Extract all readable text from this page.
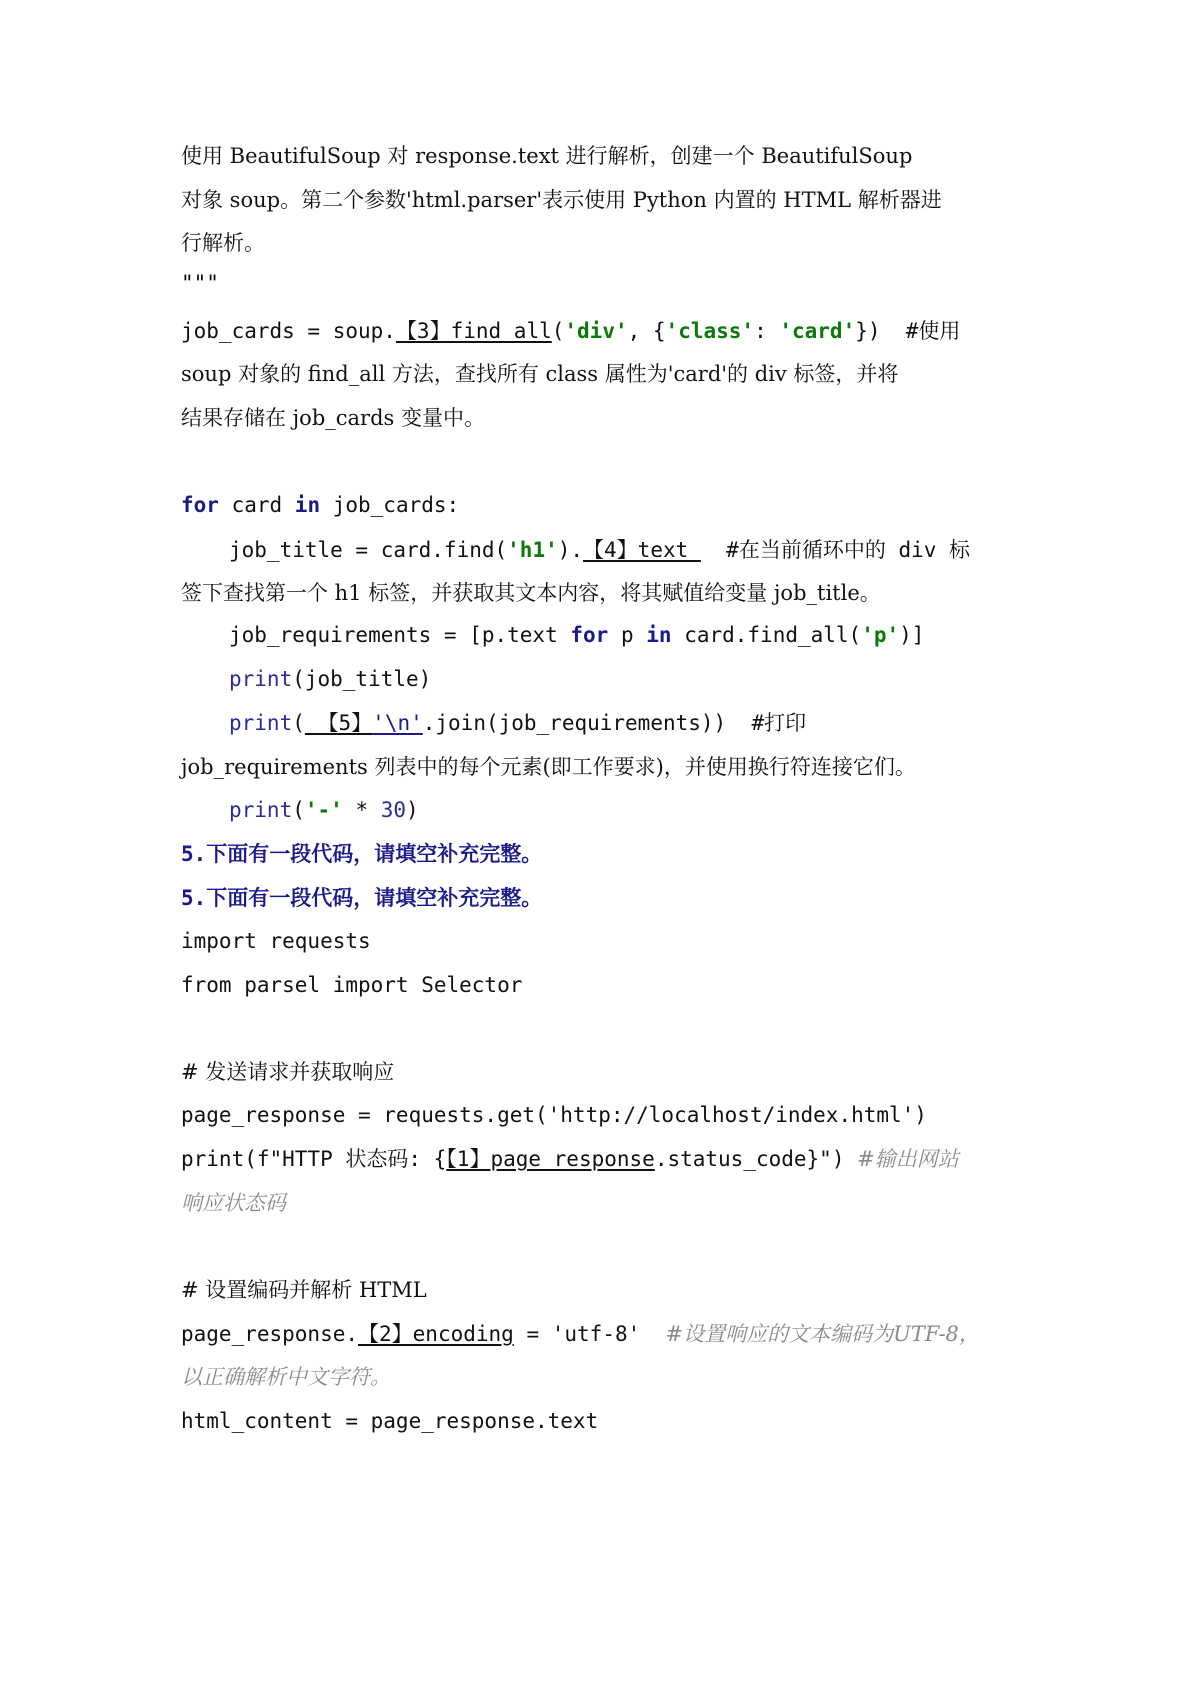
使用 BeautifulSoup 对 response.text 进行解析，创建一个 BeautifulSoup
对象 soup。第二个参数'html.parser'表示使用 Python 内置的 HTML 解析器进
行解析。
"""
job_cards = soup.【3】find_all('div', {'class': 'card'})  #使用
soup 对象的 find_all 方法，查找所有 class 属性为'card'的 div 标签，并将
结果存储在 job_cards 变量中。
for card in job_cards:
job_title = card.find('h1').【4】text   #在当前循环中的 div 标
签下查找第一个 h1 标签，并获取其文本内容，将其赋值给变量 job_title。
job_requirements = [p.text for p in card.find_all('p')]
print(job_title)
print( 【5】'\n'.join(job_requirements))  #打印
job_requirements 列表中的每个元素(即工作要求)，并使用换行符连接它们。
print('-' * 30)
5.下面有一段代码，请填空补充完整。
5.下面有一段代码，请填空补充完整。
import requests
from parsel import Selector
# 发送请求并获取响应
page_response = requests.get('http://localhost/index.html')
print(f"HTTP 状态码: {【1】page_response.status_code}") #输出网站
响应状态码
# 设置编码并解析 HTML
page_response.【2】encoding = 'utf-8'  #设置响应的文本编码为UTF-8，
以正确解析中文字符。
html_content = page_response.text
